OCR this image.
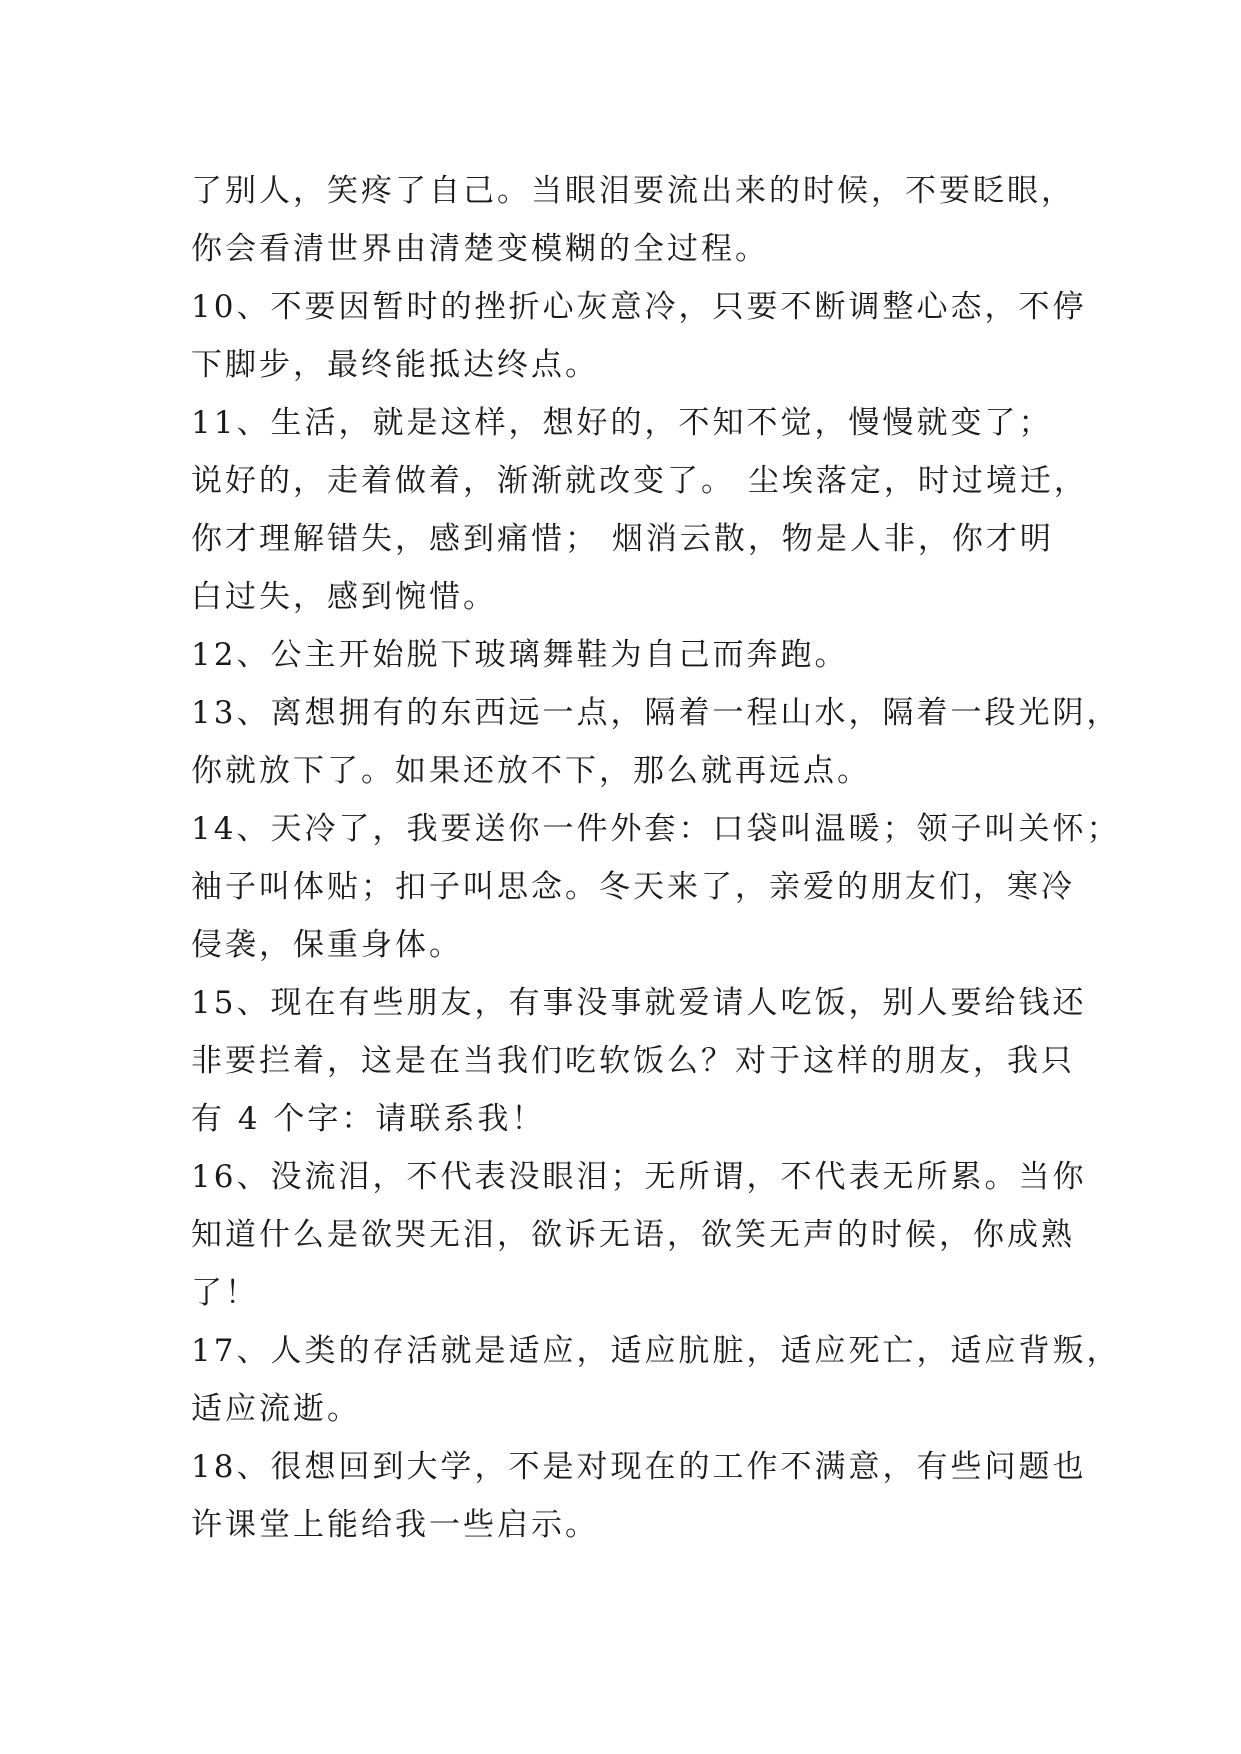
了别人，笑疼了自己。当眼泪要流出来的时候，不要眨眼，
你会看清世界由清楚变模糊的全过程。
10、不要因暂时的挫折心灰意冷，只要不断调整心态，不停
下脚步，最终能抵达终点。
11、生活，就是这样，想好的，不知不觉，慢慢就变了；
说好的，走着做着，渐渐就改变了。 尘埃落定，时过境迁，
你才理解错失，感到痛惜； 烟消云散，物是人非，你才明
白过失，感到惋惜。
12、公主开始脱下玻璃舞鞋为自己而奔跑。
13、离想拥有的东西远一点，隔着一程山水，隔着一段光阴，
你就放下了。如果还放不下，那么就再远点。
14、天冷了，我要送你一件外套：口袋叫温暖；领子叫关怀；
袖子叫体贴；扣子叫思念。冬天来了，亲爱的朋友们，寒冷
侵袭，保重身体。
15、现在有些朋友，有事没事就爱请人吃饭，别人要给钱还
非要拦着，这是在当我们吃软饭么？对于这样的朋友，我只
有 4 个字：请联系我！
16、没流泪，不代表没眼泪；无所谓，不代表无所累。当你
知道什么是欲哭无泪，欲诉无语，欲笑无声的时候，你成熟
了！
17、人类的存活就是适应，适应肮脏，适应死亡，适应背叛，
适应流逝。
18、很想回到大学，不是对现在的工作不满意，有些问题也
许课堂上能给我一些启示。
